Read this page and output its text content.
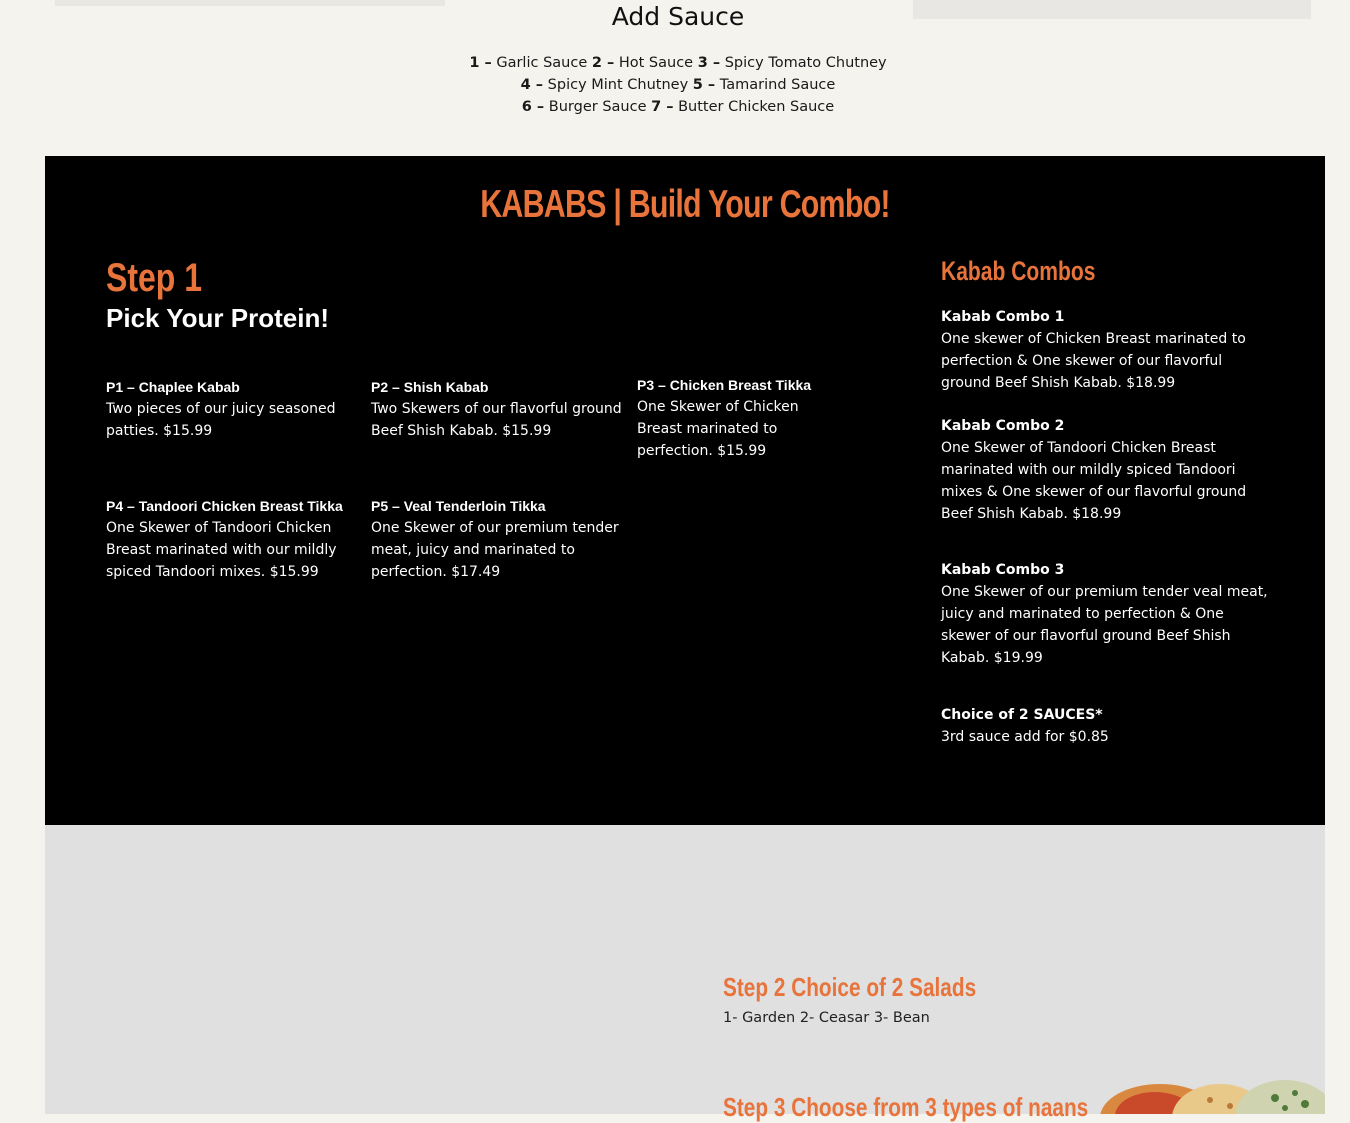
Add Sauce
1 – Garlic Sauce 2 – Hot Sauce 3 – Spicy Tomato Chutney
4 – Spicy Mint Chutney 5 – Tamarind Sauce
6 – Burger Sauce 7 – Butter Chicken Sauce
KABABS | Build Your Combo!
Step 1
Pick Your Protein!
P1 – Chaplee Kabab
Two pieces of our juicy seasoned patties. $15.99
P2 – Shish Kabab
Two Skewers of our flavorful ground Beef Shish Kabab. $15.99
P3 – Chicken Breast Tikka
One Skewer of Chicken Breast marinated to perfection. $15.99
P4 – Tandoori Chicken Breast Tikka
One Skewer of Tandoori Chicken Breast marinated with our mildly spiced Tandoori mixes. $15.99
P5 – Veal Tenderloin Tikka
One Skewer of our premium tender meat, juicy and marinated to perfection. $17.49
Kabab Combos
Kabab Combo 1
One skewer of Chicken Breast marinated to perfection & One skewer of our flavorful ground Beef Shish Kabab. $18.99
Kabab Combo 2
One Skewer of Tandoori Chicken Breast marinated with our mildly spiced Tandoori mixes & One skewer of our flavorful ground Beef Shish Kabab. $18.99
Kabab Combo 3
One Skewer of our premium tender veal meat, juicy and marinated to perfection & One skewer of our flavorful ground Beef Shish Kabab. $19.99
Choice of 2 SAUCES*
3rd sauce add for $0.85
Step 2 Choice of 2 Salads
1- Garden 2- Ceasar 3- Bean
Step 3 Choose from 3 types of naans
